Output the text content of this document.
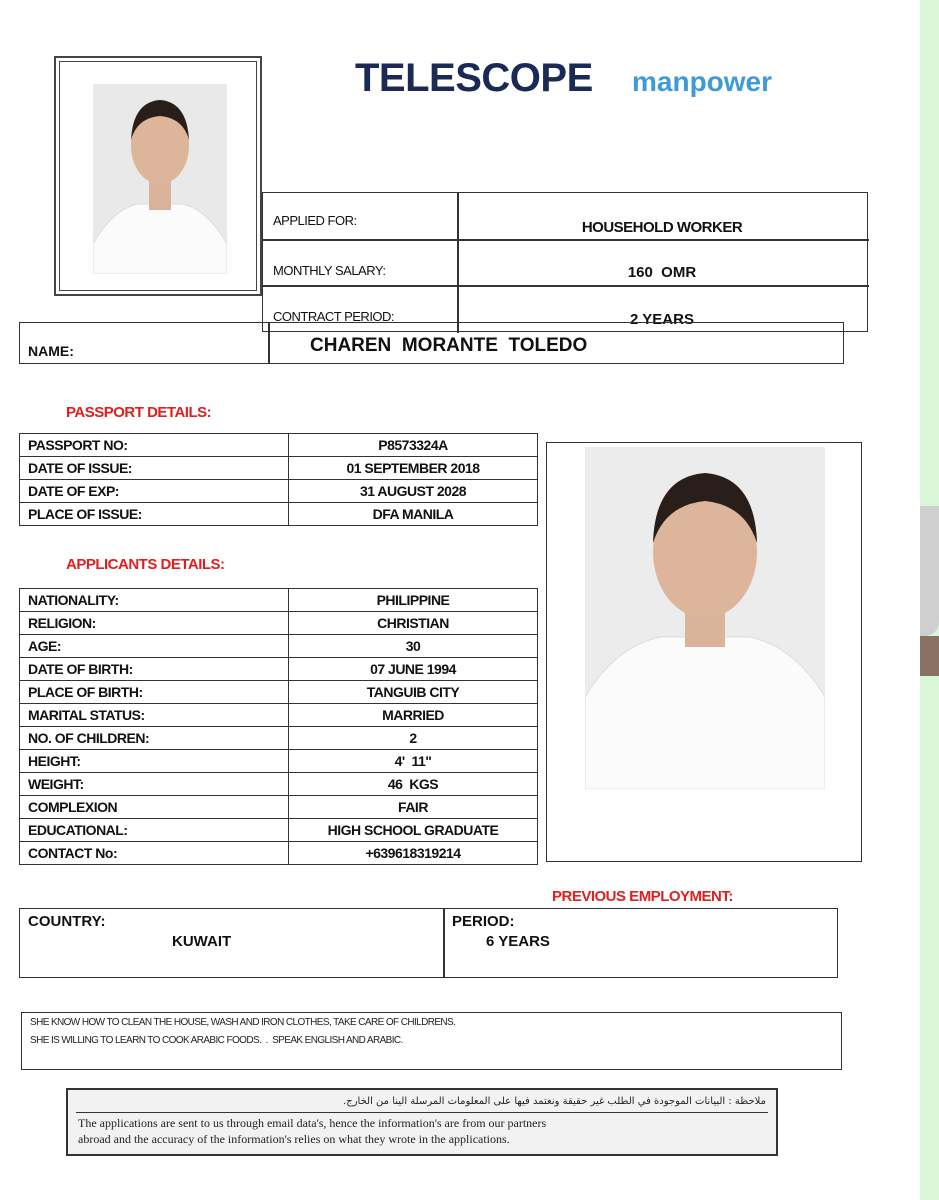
TELESCOPE manpower
APPLIED FOR:	HOUSEHOLD WORKER
MONTHLY SALARY:	160  OMR
CONTRACT PERIOD:	2 YEARS
NAME:	CHAREN  MORANTE  TOLEDO
PASSPORT DETAILS:
PASSPORT NO:	P8573324A
DATE OF ISSUE:	01 SEPTEMBER 2018
DATE OF EXP:	31 AUGUST 2028
PLACE OF ISSUE:	DFA MANILA
APPLICANTS DETAILS:
NATIONALITY:	PHILIPPINE
RELIGION:	CHRISTIAN
AGE:	30
DATE OF BIRTH:	07 JUNE 1994
PLACE OF BIRTH:	TANGUIB CITY
MARITAL STATUS:	MARRIED
NO. OF CHILDREN:	2
HEIGHT:	4'  11"
WEIGHT:	46  KGS
COMPLEXION	FAIR
EDUCATIONAL:	HIGH SCHOOL GRADUATE
CONTACT No:	+639618319214
PREVIOUS EMPLOYMENT:
COUNTRY:
KUWAIT
PERIOD:
6 YEARS
SHE KNOW HOW TO CLEAN THE HOUSE, WASH AND IRON CLOTHES, TAKE CARE OF CHILDRENS.
SHE IS WILLING TO LEARN TO COOK ARABIC FOODS.  .  SPEAK ENGLISH AND ARABIC.
ملاحظة : البيانات الموجودة في الطلب غير حقيقة ونعتمد فيها على المعلومات المرسلة الينا من الخارج.
The applications are sent to us through email data's, hence the information's are from our partners
abroad and the accuracy of the information's relies on what they wrote in the applications.
